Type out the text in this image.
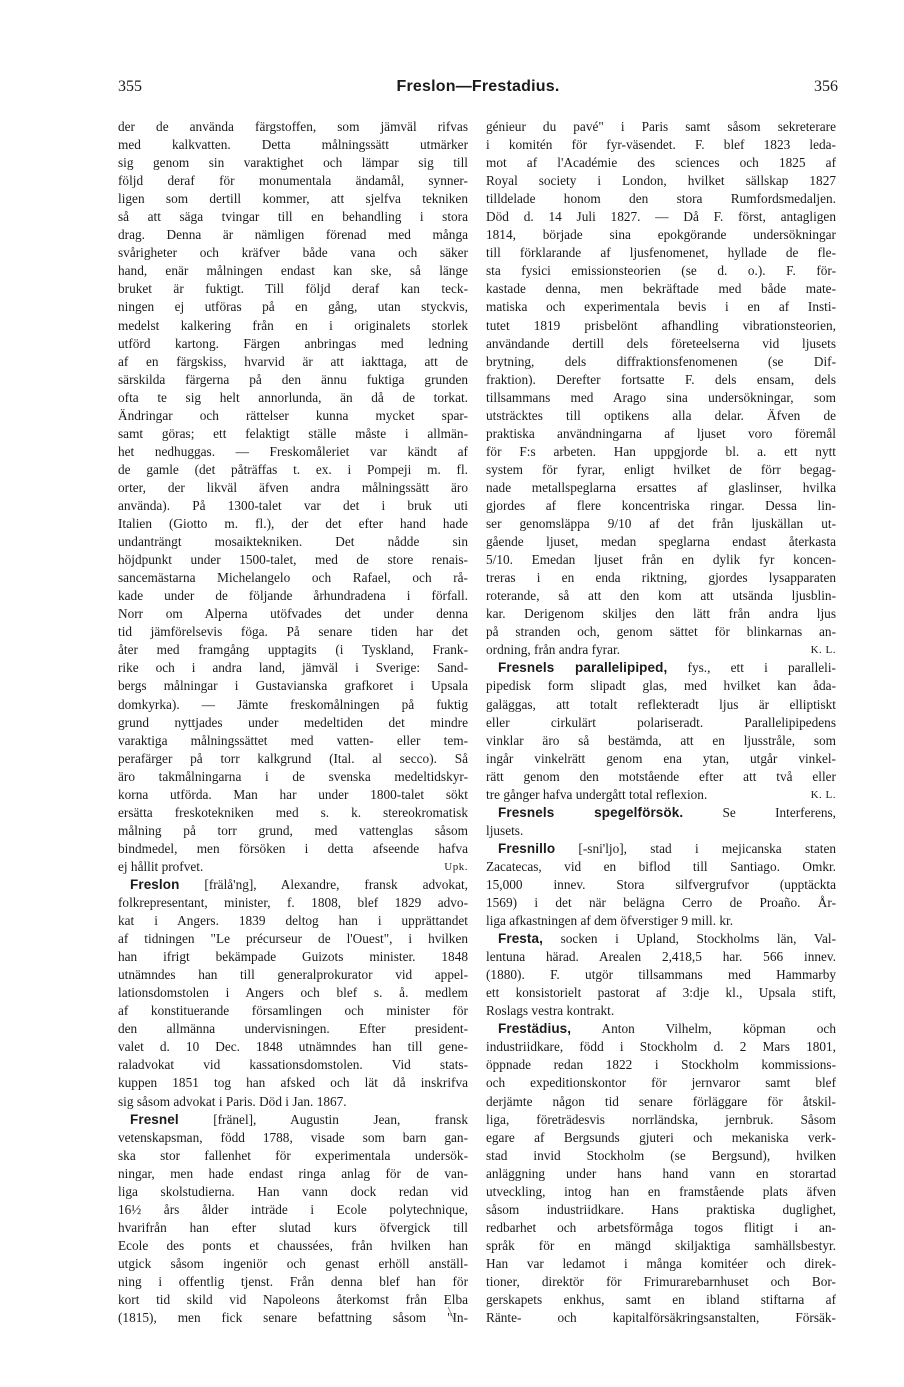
355	Freslon—Frestadius.	356
der de använda färgstoffen, som jämväl rifvas
med kalkvatten. Detta målningssätt utmärker
sig genom sin varaktighet och lämpar sig till
följd deraf för monumentala ändamål, synner-
ligen som dertill kommer, att sjelfva tekniken
så att säga tvingar till en behandling i stora
drag. Denna är nämligen förenad med många
svårigheter och kräfver både vana och säker
hand, enär målningen endast kan ske, så länge
bruket är fuktigt. Till följd deraf kan teck-
ningen ej utföras på en gång, utan styckvis,
medelst kalkering från en i originalets storlek
utförd kartong. Färgen anbringas med ledning
af en färgskiss, hvarvid är att iakttaga, att de
särskilda färgerna på den ännu fuktiga grunden
ofta te sig helt annorlunda, än då de torkat.
Ändringar och rättelser kunna mycket spar-
samt göras; ett felaktigt ställe måste i allmän-
het nedhuggas. — Freskomåleriet var kändt af
de gamle (det påträffas t. ex. i Pompeji m. fl.
orter, der likväl äfven andra målningssätt äro
använda). På 1300-talet var det i bruk uti
Italien (Giotto m. fl.), der det efter hand hade
undanträngt mosaiktekniken. Det nådde sin
höjdpunkt under 1500-talet, med de store renais-
sancemästarna Michelangelo och Rafael, och rå-
kade under de följande århundradena i förfall.
Norr om Alperna utöfvades det under denna
tid jämförelsevis föga. På senare tiden har det
åter med framgång upptagits (i Tyskland, Frank-
rike och i andra land, jämväl i Sverige: Sand-
bergs målningar i Gustavianska grafkoret i Upsala
domkyrka). — Jämte freskomålningen på fuktig
grund nyttjades under medeltiden det mindre
varaktiga målningssättet med vatten- eller tem-
perafärger på torr kalkgrund (Ital. al secco). Så
äro takmålningarna i de svenska medeltidskyr-
korna utförda. Man har under 1800-talet sökt
ersätta freskotekniken med s. k. stereokromatisk
målning på torr grund, med vattenglas såsom
bindmedel, men försöken i detta afseende hafva
ej hållit profvet.	Upk.
Freslon [frälå'ng], Alexandre, fransk advokat,
folkrepresentant, minister, f. 1808, blef 1829 advo-
kat i Angers. 1839 deltog han i upprättandet
af tidningen "Le précurseur de l'Ouest", i hvilken
han ifrigt bekämpade Guizots minister. 1848
utnämndes han till generalprokurator vid appel-
lationsdomstolen i Angers och blef s. å. medlem
af konstituerande församlingen och minister för
den allmänna undervisningen. Efter president-
valet d. 10 Dec. 1848 utnämndes han till gene-
raladvokat vid kassationsdomstolen. Vid stats-
kuppen 1851 tog han afsked och lät då inskrifva
sig såsom advokat i Paris. Död i Jan. 1867.
Fresnel [fränel], Augustin Jean, fransk
vetenskapsman, född 1788, visade som barn gan-
ska stor fallenhet för experimentala undersök-
ningar, men hade endast ringa anlag för de van-
liga skolstudierna. Han vann dock redan vid
16½ års ålder inträde i Ecole polytechnique,
hvarifrån han efter slutad kurs öfvergick till
Ecole des ponts et chaussées, från hvilken han
utgick såsom ingeniör och genast erhöll anställ-
ning i offentlig tjenst. Från denna blef han för
kort tid skild vid Napoleons återkomst från Elba
(1815), men fick senare befattning såsom "In-
génieur du pavé" i Paris samt såsom sekreterare
i komitén för fyr-väsendet. F. blef 1823 leda-
mot af l'Académie des sciences och 1825 af
Royal society i London, hvilket sällskap 1827
tilldelade honom den stora Rumfordsmedaljen.
Död d. 14 Juli 1827. — Då F. först, antagligen
1814, började sina epokgörande undersökningar
till förklarande af ljusfenomenet, hyllade de fle-
sta fysici emissionsteorien (se d. o.). F. för-
kastade denna, men bekräftade med både mate-
matiska och experimentala bevis i en af Insti-
tutet 1819 prisbelönt afhandling vibrationsteorien,
användande dertill dels företeelserna vid ljusets
brytning, dels diffraktionsfenomenen (se Dif-
fraktion). Derefter fortsatte F. dels ensam, dels
tillsammans med Arago sina undersökningar, som
utsträcktes till optikens alla delar. Äfven de
praktiska användningarna af ljuset voro föremål
för F:s arbeten. Han uppgjorde bl. a. ett nytt
system för fyrar, enligt hvilket de förr begag-
nade metallspeglarna ersattes af glaslinser, hvilka
gjordes af flere koncentriska ringar. Dessa lin-
ser genomsläppa 9/10 af det från ljuskällan ut-
gående ljuset, medan speglarna endast återkasta
5/10. Emedan ljuset från en dylik fyr koncen-
treras i en enda riktning, gjordes lysapparaten
roterande, så att den kom att utsända ljusblin-
kar. Derigenom skiljes den lätt från andra ljus
på stranden och, genom sättet för blinkarnas an-
ordning, från andra fyrar.	K. L.
Fresnels parallelipiped, fys., ett i paralleli-
pipedisk form slipadt glas, med hvilket kan åda-
galäggas, att totalt reflekteradt ljus är elliptiskt
eller cirkulärt polariseradt. Parallelipipedens
vinklar äro så bestämda, att en ljusstråle, som
ingår vinkelrätt genom ena ytan, utgår vinkel-
rätt genom den motstående efter att två eller
tre gånger hafva undergått total reflexion.	K. L.
Fresnels spegelförsök. Se Interferens,
ljusets.
Fresnillo [-sni'ljo], stad i mejicanska staten
Zacatecas, vid en biflod till Santiago. Omkr.
15,000 innev. Stora silfvergrufvor (upptäckta
1569) i det när belägna Cerro de Proaño. År-
liga afkastningen af dem öfverstiger 9 mill. kr.
Fresta, socken i Upland, Stockholms län, Val-
lentuna härad. Arealen 2,418,5 har. 566 innev.
(1880). F. utgör tillsammans med Hammarby
ett konsistorielt pastorat af 3:dje kl., Upsala stift,
Roslags vestra kontrakt.
Frestädius, Anton Vilhelm, köpman och
industriidkare, född i Stockholm d. 2 Mars 1801,
öppnade redan 1822 i Stockholm kommissions-
och expeditionskontor för jernvaror samt blef
derjämte någon tid senare förläggare för åtskil-
liga, företrädesvis norrländska, jernbruk. Såsom
egare af Bergsunds gjuteri och mekaniska verk-
stad invid Stockholm (se Bergsund), hvilken
anläggning under hans hand vann en storartad
utveckling, intog han en framstående plats äfven
såsom industriidkare. Hans praktiska duglighet,
redbarhet och arbetsförmåga togos flitigt i an-
språk för en mängd skiljaktiga samhällsbestyr.
Han var ledamot i många komitéer och direk-
tioner, direktör för Frimurarebarnhuset och Bor-
gerskapets enkhus, samt en ibland stiftarna af
Ränte- och kapitalförsäkringsanstalten, Försäk-
